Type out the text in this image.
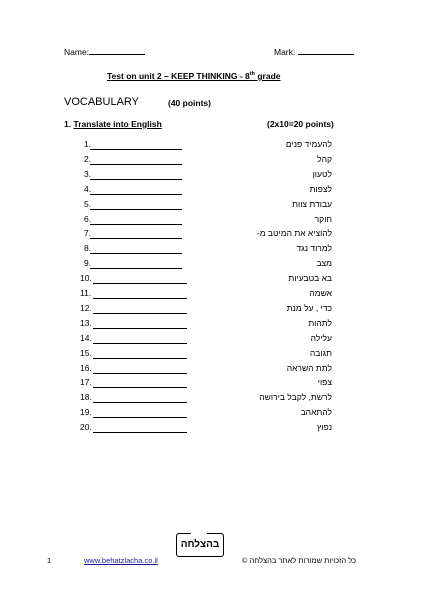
Name:	Mark:
Test on unit 2 – KEEP THINKING - 8th grade
VOCABULARY	(40 points)
1. Translate into English	(2x10=20 points)
1.	להעמיד פנים
2.	קהל
3.	לטעון
4.	לצפות
5.	עבודת צוות
6.	חוקר
7.	להוציא את המיטב מ-
8.	למרוד נגד
9.	מצב
10.	בא בטבעיות
11.	אשמה
12.	כדי , על מנת
13.	לתהות
14.	עלילה
15.	תגובה
16.	לתת השראה
17.	צפוי
18.	לרשת, לקבל בירושה
19.	להתאהב
20.	נפוץ
בהצלחה
1	www.behatzlacha.co.il	כל הזכויות שמורות לאתר בהצלחה ©
